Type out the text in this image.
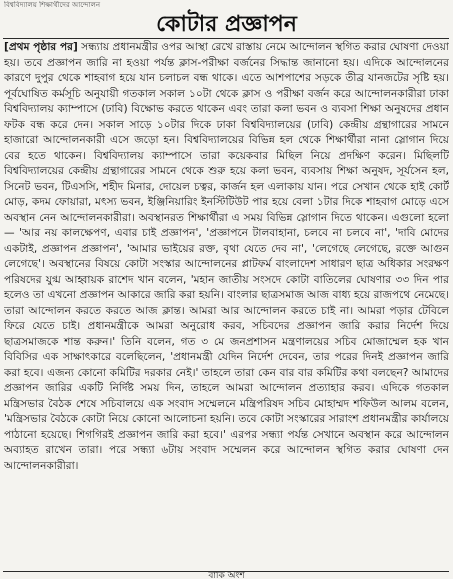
বিশ্ববিদ্যালয় শিক্ষার্থীদের আন্দোলন
কোটার প্রজ্ঞাপন

[প্রথম পৃষ্ঠার পর] সন্ধ্যায় প্রধানমন্ত্রীর ওপর আস্থা রেখে রাস্তায় নেমে আন্দোলন স্থগিত করার ঘোষণা দেওয়া হয়। তবে প্রজ্ঞাপন জারি না হওয়া পর্যন্ত ক্লাস-পরীক্ষা বর্জনের সিদ্ধান্ত জানানো হয়। এদিকে আন্দোলনের কারণে দুপুর থেকে শাহবাগ হয়ে যান চলাচল বন্ধ থাকে। এতে আশপাশের সড়কে তীব্র যানজটের সৃষ্টি হয়। পূর্বঘোষিত কর্মসূচি অনুযায়ী গতকাল সকাল ১০টা থেকে ক্লাস ও পরীক্ষা বর্জন করে আন্দোলনকারীরা ঢাকা বিশ্ববিদ্যালয় ক্যাম্পাসে (ঢাবি) বিক্ষোভ করতে থাকেন এবং তারা কলা ভবন ও ব্যবসা শিক্ষা অনুষদের প্রধান ফটক বন্ধ করে দেন। সকাল সাড়ে ১০টার দিকে ঢাকা বিশ্ববিদ্যালয়ের (ঢাবি) কেন্দ্রীয় গ্রন্থাগারের সামনে হাজারো আন্দোলনকারী এসে জড়ো হন। বিশ্ববিদ্যালয়ের বিভিন্ন হল থেকে শিক্ষার্থীরা নানা স্লোগান দিয়ে বের হতে থাকেন। বিশ্ববিদ্যালয় ক্যাম্পাসে তারা কয়েকবার মিছিল নিয়ে প্রদক্ষিণ করেন। মিছিলটি বিশ্ববিদ্যালয়ের কেন্দ্রীয় গ্রন্থাগারের সামনে থেকে শুরু হয়ে কলা ভবন, ব্যবসায় শিক্ষা অনুষদ, সূর্যসেন হল, সিনেট ভবন, টিএসসি, শহীদ মিনার, দোয়েল চত্বর, কার্জন হল এলাকায় যান। পরে সেখান থেকে হাই কোর্ট মোড়, কদম ফোয়ারা, মৎস্য ভবন, ইঞ্জিনিয়ারিং ইনস্টিটিউট পার হয়ে বেলা ১টার দিকে শাহবাগ মোড়ে এসে অবস্থান নেন আন্দোলনকারীরা। অবস্থানরত শিক্ষার্থীরা এ সময় বিভিন্ন স্লোগান দিতে থাকেন। এগুলো হলো— 'আর নয় কালক্ষেপণ, এবার চাই প্রজ্ঞাপন', 'প্রজ্ঞাপনে টালবাহানা, চলবে না চলবে না', 'দাবি মোদের একটাই, প্রজ্ঞাপন প্রজ্ঞাপন', 'আমার ভাইয়ের রক্ত, বৃথা যেতে দেব না', 'লেগেছে লেগেছে, রক্তে আগুন লেগেছে'। অবস্থানের বিষয়ে কোটা সংস্কার আন্দোলনের প্লাটফর্ম বাংলাদেশ সাধারণ ছাত্র অধিকার সংরক্ষণ পরিষদের যুগ্ম আহ্বায়ক রাশেদ খান বলেন, 'মহান জাতীয় সংসদে কোটা বাতিলের ঘোষণার ৩৩ দিন পার হলেও তা এখনো প্রজ্ঞাপন আকারে জারি করা হয়নি। বাংলার ছাত্রসমাজ আজ বাধ্য হয়ে রাজপথে নেমেছে। তারা আন্দোলন করতে করতে আজ ক্লান্ত। আমরা আর আন্দোলন করতে চাই না। আমরা পড়ার টেবিলে ফিরে যেতে চাই। প্রধানমন্ত্রীকে আমরা অনুরোধ করব, সচিবদের প্রজ্ঞাপন জারি করার নির্দেশ দিয়ে ছাত্রসমাজকে শান্ত করুন।' তিনি বলেন, গত ৩ মে জনপ্রশাসন মন্ত্রণালয়ের সচিব মোজাম্মেল হক খান বিবিসির এক সাক্ষাৎকারে বলেছিলেন, 'প্রধানমন্ত্রী যেদিন নির্দেশ দেবেন, তার পরের দিনই প্রজ্ঞাপন জারি করা হবে। এজন্য কোনো কমিটির দরকার নেই।' তাহলে তারা কেন বার বার কমিটির কথা বলছেন? আমাদের প্রজ্ঞাপন জারির একটি নির্দিষ্ট সময় দিন, তাহলে আমরা আন্দোলন প্রত্যাহার করব। এদিকে গতকাল মন্ত্রিসভার বৈঠক শেষে সচিবালয়ে এক সংবাদ সম্মেলনে মন্ত্রিপরিষদ সচিব মোহাম্মদ শফিউল আলম বলেন, 'মন্ত্রিসভার বৈঠকে কোটা নিয়ে কোনো আলোচনা হয়নি। তবে কোটা সংস্কারের সারাংশ প্রধানমন্ত্রীর কার্যালয়ে পাঠানো হয়েছে। শিগগিরই প্রজ্ঞাপন জারি করা হবে।' এরপর সন্ধ্যা পর্যন্ত সেখানে অবস্থান করে আন্দোলন অব্যাহত রাখেন তারা। পরে সন্ধ্যা ৬টায় সংবাদ সম্মেলন করে আন্দোলন স্থগিত করার ঘোষণা দেন আন্দোলনকারীরা।

বাকি অংশ
